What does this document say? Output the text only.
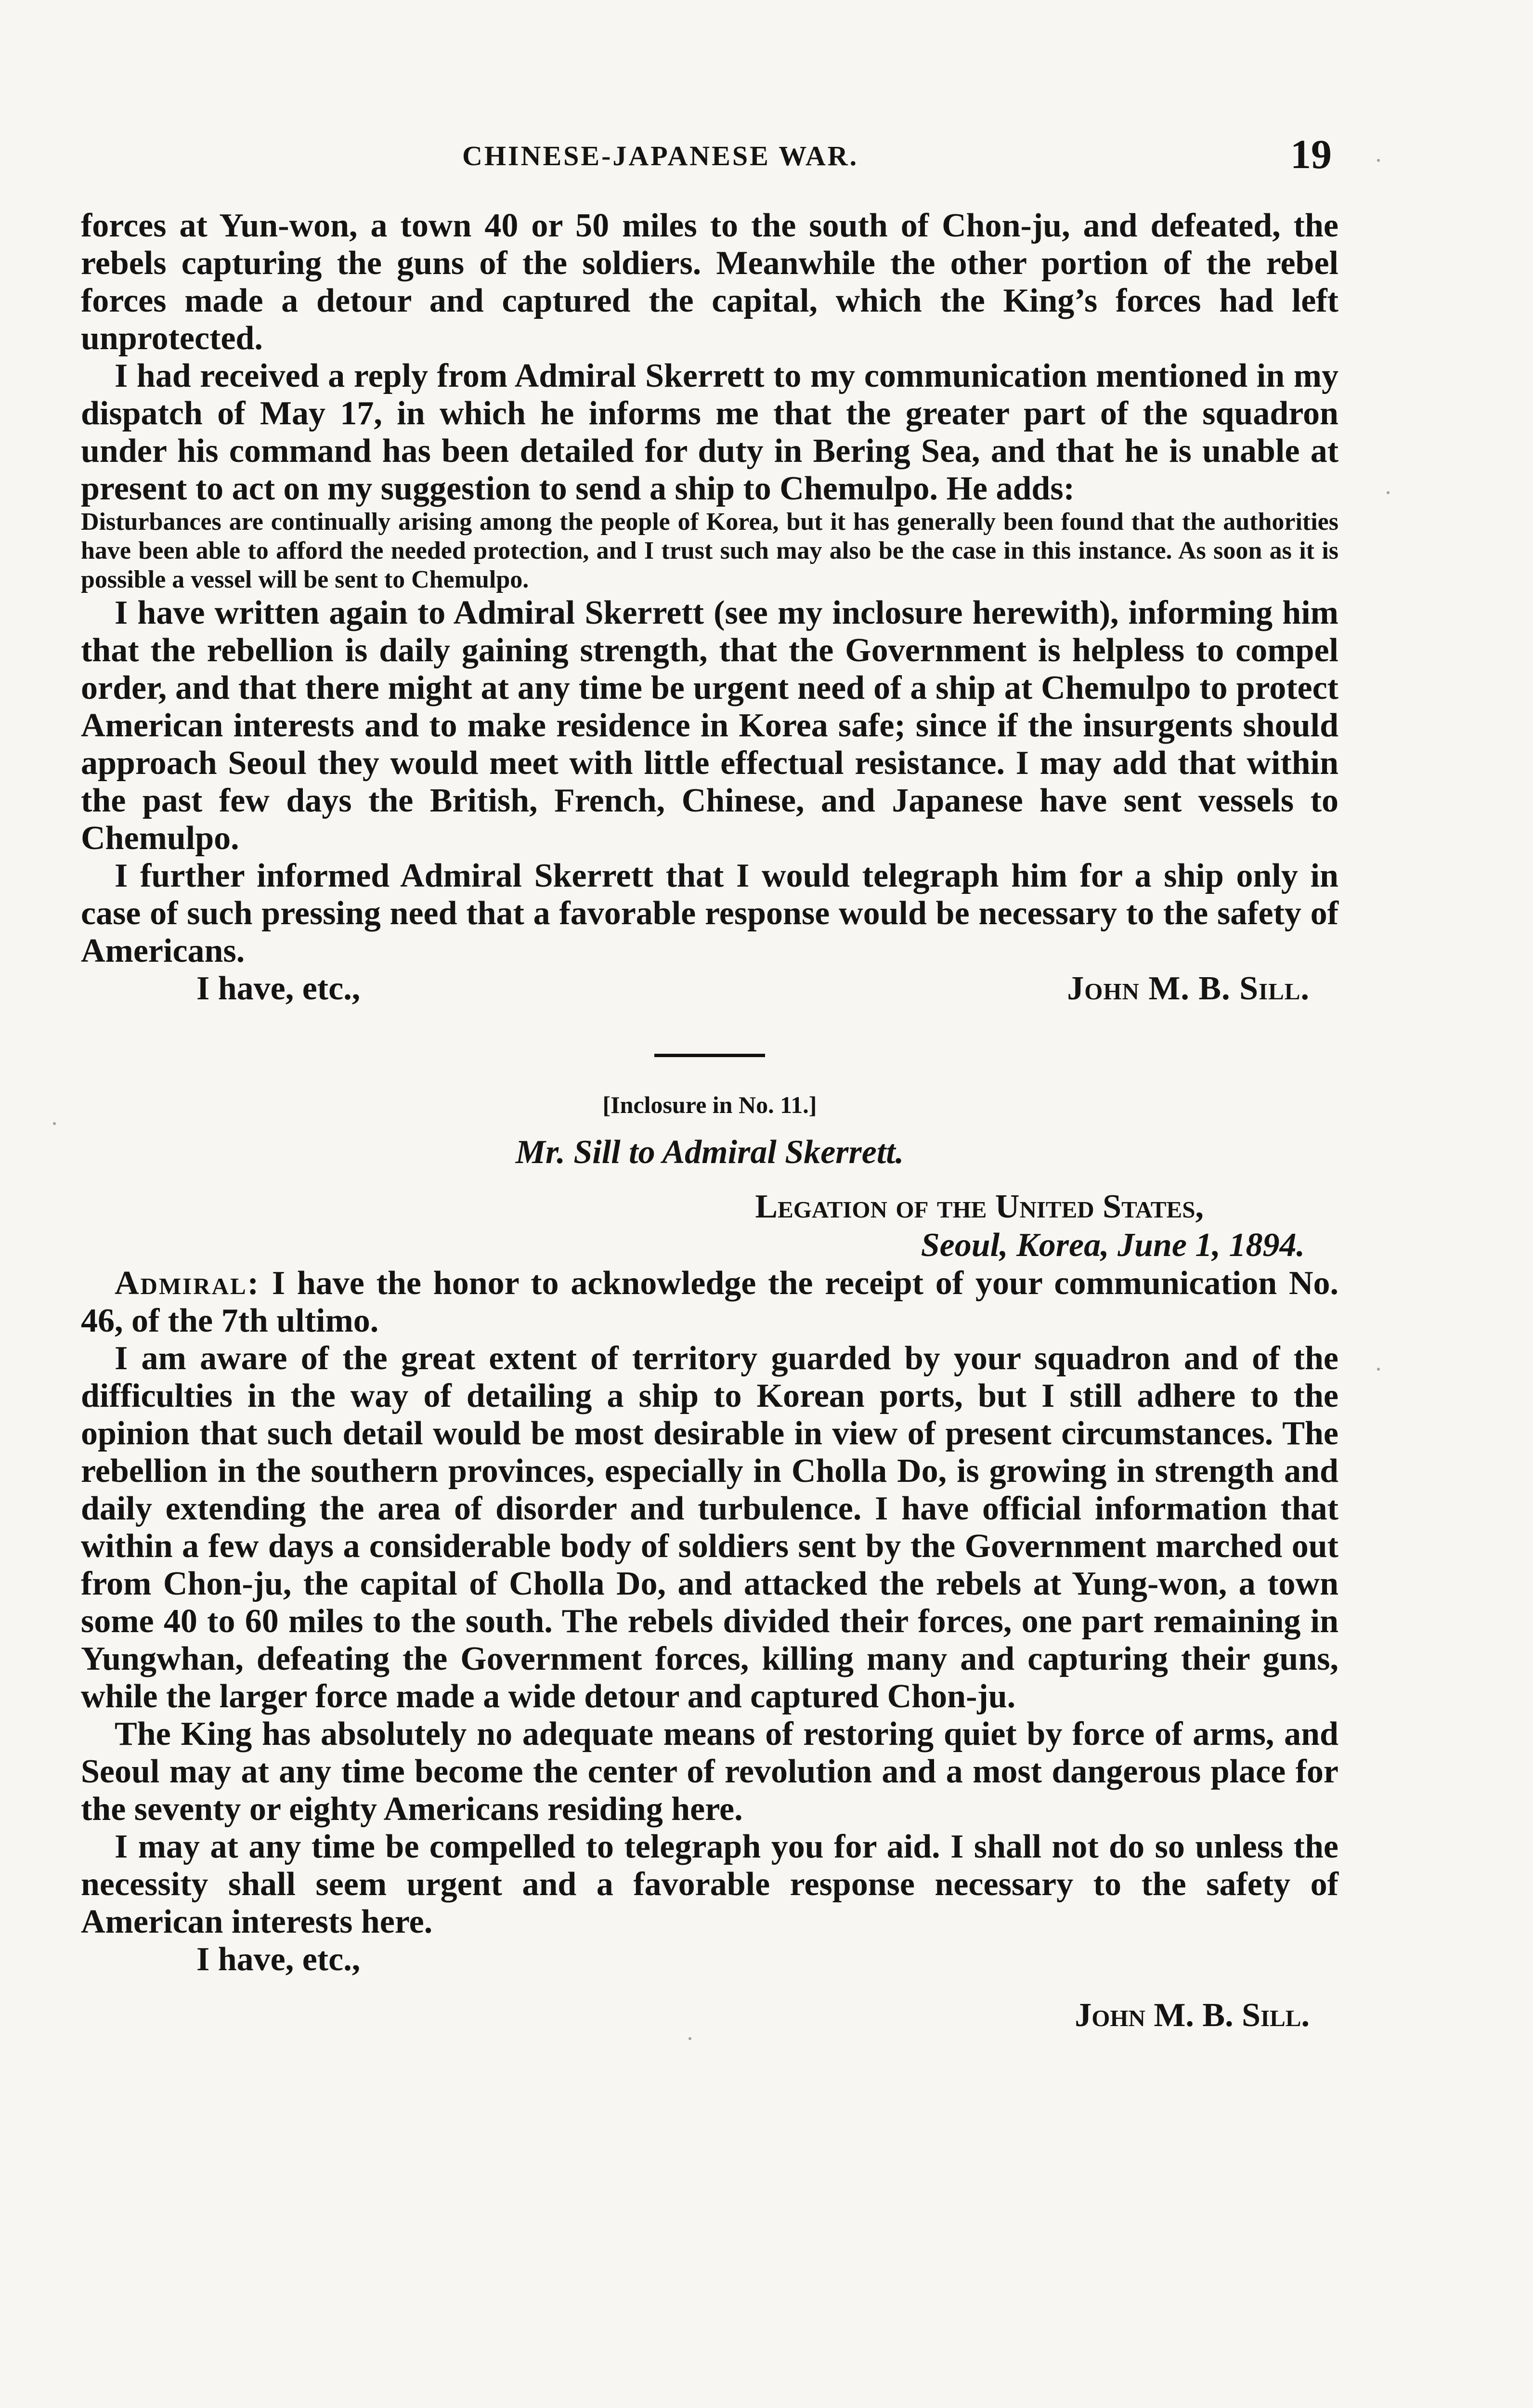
CHINESE-JAPANESE WAR.	19

forces at Yun-won, a town 40 or 50 miles to the south of Chon-ju, and defeated, the rebels capturing the guns of the soldiers. Meanwhile the other portion of the rebel forces made a detour and captured the capital, which the King’s forces had left unprotected.

I had received a reply from Admiral Skerrett to my communication mentioned in my dispatch of May 17, in which he informs me that the greater part of the squadron under his command has been detailed for duty in Bering Sea, and that he is unable at present to act on my suggestion to send a ship to Chemulpo. He adds:

Disturbances are continually arising among the people of Korea, but it has generally been found that the authorities have been able to afford the needed protection, and I trust such may also be the case in this instance. As soon as it is possible a vessel will be sent to Chemulpo.

I have written again to Admiral Skerrett (see my inclosure herewith), informing him that the rebellion is daily gaining strength, that the Government is helpless to compel order, and that there might at any time be urgent need of a ship at Chemulpo to protect American interests and to make residence in Korea safe; since if the insurgents should approach Seoul they would meet with little effectual resistance. I may add that within the past few days the British, French, Chinese, and Japanese have sent vessels to Chemulpo.

I further informed Admiral Skerrett that I would telegraph him for a ship only in case of such pressing need that a favorable response would be necessary to the safety of Americans.

I have, etc.,	John M. B. Sill.
[Inclosure in No. 11.]
Mr. Sill to Admiral Skerrett.
Legation of the United States,
Seoul, Korea, June 1, 1894.

Admiral: I have the honor to acknowledge the receipt of your communication No. 46, of the 7th ultimo.

I am aware of the great extent of territory guarded by your squadron and of the difficulties in the way of detailing a ship to Korean ports, but I still adhere to the opinion that such detail would be most desirable in view of present circumstances. The rebellion in the southern provinces, especially in Cholla Do, is growing in strength and daily extending the area of disorder and turbulence. I have official information that within a few days a considerable body of soldiers sent by the Government marched out from Chon-ju, the capital of Cholla Do, and attacked the rebels at Yung-won, a town some 40 to 60 miles to the south. The rebels divided their forces, one part remaining in Yungwhan, defeating the Government forces, killing many and capturing their guns, while the larger force made a wide detour and captured Chon-ju.

The King has absolutely no adequate means of restoring quiet by force of arms, and Seoul may at any time become the center of revolution and a most dangerous place for the seventy or eighty Americans residing here.

I may at any time be compelled to telegraph you for aid. I shall not do so unless the necessity shall seem urgent and a favorable response necessary to the safety of American interests here.

I have, etc.,
John M. B. Sill.
